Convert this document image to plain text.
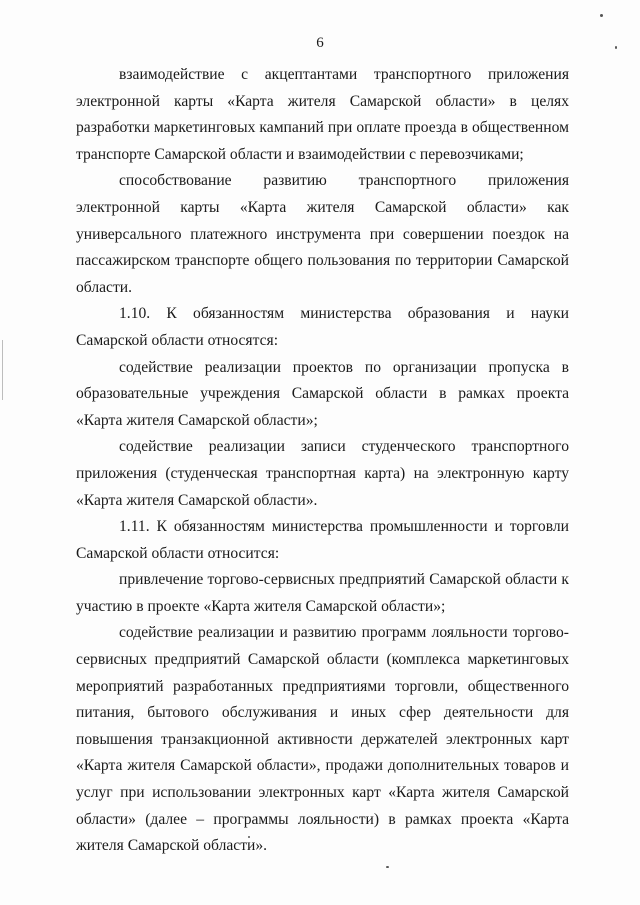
6

взаимодействие с акцептантами транспортного приложения

электронной карты «Карта жителя Самарской области» в целях разработки маркетинговых кампаний при оплате проезда в общественном транспорте Самарской области и взаимодействии с перевозчиками;

способствование развитию транспортного приложения электронной карты «Карта жителя Самарской области» как универсального платежного инструмента при совершении поездок на пассажирском транспорте общего пользования по территории Самарской области.

1.10. К обязанностям министерства образования и науки Самарской области относятся:

содействие реализации проектов по организации пропуска в образовательные учреждения Самарской области в рамках проекта «Карта жителя Самарской области»;

содействие реализации записи студенческого транспортного приложения (студенческая транспортная карта) на электронную карту «Карта жителя Самарской области».

1.11. К обязанностям министерства промышленности и торговли Самарской области относится:

привлечение торгово-сервисных предприятий Самарской области к участию в проекте «Карта жителя Самарской области»;

содействие реализации и развитию программ лояльности торгово-сервисных предприятий Самарской области (комплекса маркетинговых мероприятий разработанных предприятиями торговли, общественного питания, бытового обслуживания и иных сфер деятельности для повышения транзакционной активности держателей электронных карт «Карта жителя Самарской области», продажи дополнительных товаров и услуг при использовании электронных карт «Карта жителя Самарской области» (далее – программы лояльности) в рамках проекта «Карта жителя Самарской области».
